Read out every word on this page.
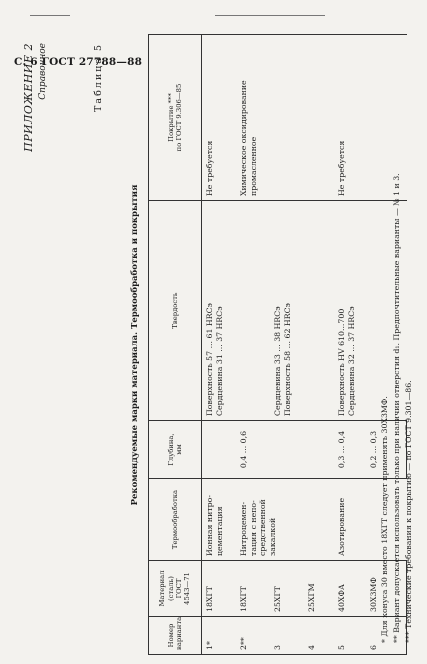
С. 6 ГОСТ 27788—88
ПРИЛОЖЕНИЕ 2 Справочное	Таблица 5
Рекомендуемые марки материала. Термообработка и покрытия
Номер варианта	Материал (сталь) ГОСТ 4543—71	Термообработка	Глубина, мм	Твердость	Покрытие *** по ГОСТ 9.306—85

1*	18ХГТ	Ионная нитро- цементация		Поверхность 57 ... 61 HRCэ Сердцевина 31 ... 37 HRCэ	Не требуется

2**	18ХГТ	Нитроцемен- тация с непо- средственной закалкой	0,4 ... 0,6		Химическое оксидирование промасленное

3	25ХГТ			Сердцевина 33 ... 38 HRCэ Поверхность 58 ... 62 HRCэ	

4	25ХГМ				
5	40ХФА	Азотирование	0,3 ... 0,4	Поверхность HV 610...700 Сердцевина 32 ... 37 HRCэ	Не требуется

6	30Х3МФ		0,2 ... 0,3		* Для конуса 30 вместо 18ХГТ следует применять 30Х3МФ. ** Вариант допускается использовать только при наличии отверстия d₁. Предпочтительные варианты — № 1 и 3. *** Технические требования к покрытию — по ГОСТ 9.301—86.
